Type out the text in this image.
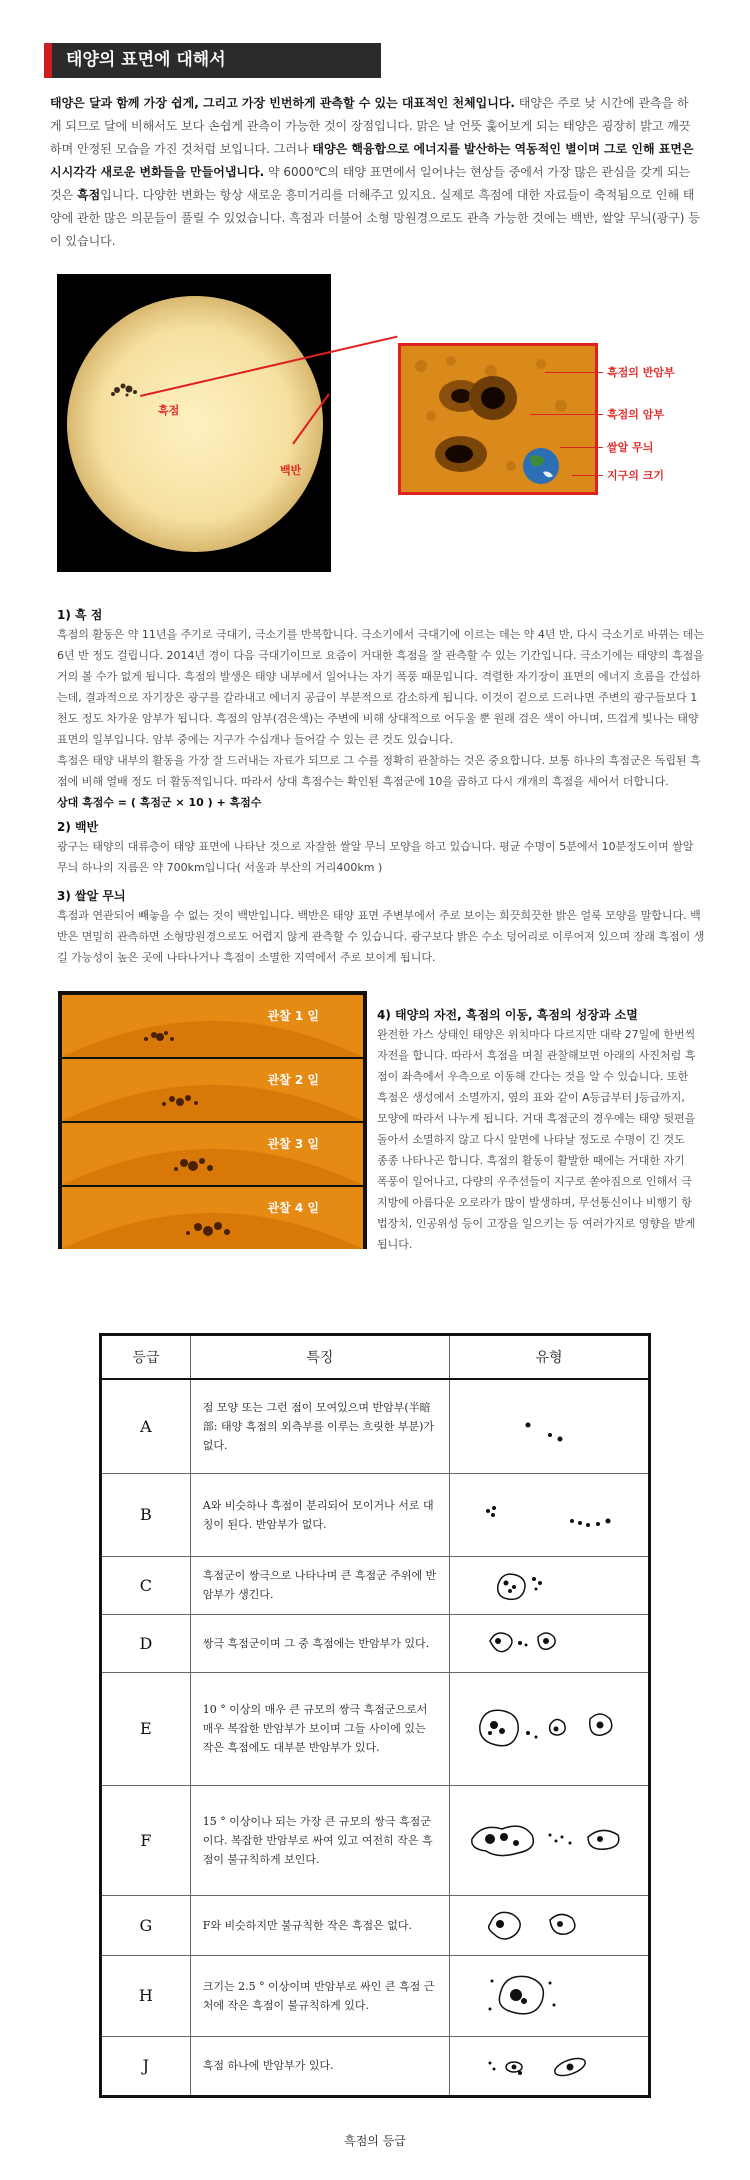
태양의 표면에 대해서
태양은 달과 함께 가장 쉽게, 그리고 가장 빈번하게 관측할 수 있는 대표적인 천체입니다. 태양은 주로 낮 시간에 관측을 하게 되므로 달에 비해서도 보다 손쉽게 관측이 가능한 것이 장점입니다. 맑은 날 언뜻 훑어보게 되는 태양은 굉장히 밝고 깨끗하며 안정된 모습을 가진 것처럼 보입니다. 그러나 태양은 핵융합으로 에너지를 발산하는 역동적인 별이며 그로 인해 표면은 시시각각 새로운 변화들을 만들어냅니다. 약 6000℃의 태양 표면에서 일어나는 현상들 중에서 가장 많은 관심을 갖게 되는 것은 흑점입니다. 다양한 변화는 항상 새로운 흥미거리를 더해주고 있지요. 실제로 흑점에 대한 자료들이 축적됨으로 인해 태양에 관한 많은 의문들이 풀릴 수 있었습니다. 흑점과 더불어 소형 망원경으로도 관측 가능한 것에는 백반, 쌀알 무늬(광구) 등이 있습니다.
흑점
백반
흑점의 반암부
흑점의 암부
쌀알 무늬
지구의 크기
1) 흑 점
흑점의 활동은 약 11년을 주기로 극대기, 극소기를 반복합니다. 극소기에서 극대기에 이르는 데는 약 4년 반, 다시 극소기로 바뀌는 데는 6년 반 정도 걸립니다. 2014년 경이 다음 극대기이므로 요즘이 거대한 흑점을 잘 관측할 수 있는 기간입니다. 극소기에는 태양의 흑점을 거의 볼 수가 없게 됩니다. 흑점의 발생은 태양 내부에서 일어나는 자기 폭풍 때문입니다. 격렬한 자기장이 표면의 에너지 흐름을 간섭하는데, 결과적으로 자기장은 광구를 갈라내고 에너지 공급이 부분적으로 감소하게 됩니다. 이것이 겉으로 드러나면 주변의 광구들보다 1천도 정도 차가운 암부가 됩니다. 흑점의 암부(검은색)는 주변에 비해 상대적으로 어두울 뿐 원래 검은 색이 아니며, 뜨겁게 빛나는 태양 표면의 일부입니다. 암부 중에는 지구가 수십개나 들어갈 수 있는 큰 것도 있습니다.
흑점은 태양 내부의 활동을 가장 잘 드러내는 자료가 되므로 그 수를 정확히 관찰하는 것은 중요합니다. 보통 하나의 흑점군은 독립된 흑점에 비해 열배 정도 더 활동적입니다. 따라서 상대 흑점수는 확인된 흑점군에 10을 곱하고 다시 개개의 흑점을 세어서 더합니다.
상대 흑점수 = ( 흑점군 × 10 ) + 흑점수
2) 백반
광구는 태양의 대류층이 태양 표면에 나타난 것으로 자잘한 쌀알 무늬 모양을 하고 있습니다. 평균 수명이 5분에서 10분정도이며 쌀알 무늬 하나의 지름은 약 700km입니다( 서울과 부산의 거리400km )
3) 쌀알 무늬
흑점과 연관되어 빼놓을 수 없는 것이 백반입니다. 백반은 태양 표면 주변부에서 주로 보이는 희끗희끗한 밝은 얼룩 모양을 말합니다. 백반은 면밀히 관측하면 소형망원경으로도 어렵지 않게 관측할 수 있습니다. 광구보다 밝은 수소 덩어리로 이루어져 있으며 장래 흑점이 생길 가능성이 높은 곳에 나타나거나 흑점이 소멸한 지역에서 주로 보이게 됩니다.
관찰 1 일
관찰 2 일
관찰 3 일
관찰 4 일
4) 태양의 자전, 흑점의 이동, 흑점의 성장과 소멸
완전한 가스 상태인 태양은 위치마다 다르지만 대략 27일에 한번씩 자전을 합니다. 따라서 흑점을 며칠 관찰해보면 아래의 사진처럼 흑점이 좌측에서 우측으로 이동해 간다는 것을 알 수 있습니다. 또한 흑점은 생성에서 소멸까지, 옆의 표와 같이 A등급부터 J등급까지, 모양에 따라서 나누게 됩니다. 거대 흑점군의 경우에는 태양 뒷편을 돌아서 소멸하지 않고 다시 앞면에 나타날 정도로 수명이 긴 것도 종종 나타나곤 합니다. 흑점의 활동이 활발한 때에는 거대한 자기 폭풍이 일어나고, 다량의 우주선들이 지구로 쏟아짐으로 인해서 극지방에 아름다운 오로라가 많이 발생하며, 무선통신이나 비행기 항법장치, 인공위성 등이 고장을 일으키는 등 여러가지로 영향을 받게 됩니다.
등급	특징	유형
A	점 모양 또는 그런 점이 모여있으며 반암부(半暗部: 태양 흑점의 외측부를 이루는 흐릿한 부분)가 없다.	

B	A와 비슷하나 흑점이 분리되어 모이거나 서로 대칭이 된다. 반암부가 없다.	

C	흑점군이 쌍극으로 나타나며 큰 흑점군 주위에 반암부가 생긴다.	

D	쌍극 흑점군이며 그 중 흑점에는 반암부가 있다.	

E	10 ° 이상의 매우 큰 규모의 쌍극 흑점군으로서 매우 복잡한 반암부가 보이며 그들 사이에 있는 작은 흑점에도 대부분 반암부가 있다.	

F	15 ° 이상이나 되는 가장 큰 규모의 쌍극 흑점군이다. 복잡한 반암부로 싸여 있고 여전히 작은 흑점이 불규칙하게 보인다.	

G	F와 비슷하지만 불규칙한 작은 흑점은 없다.	

H	크기는 2.5 ° 이상이며 반암부로 싸인 큰 흑점 근처에 작은 흑점이 불규칙하게 있다.	

J	흑점 하나에 반암부가 있다.	
흑점의 등급
